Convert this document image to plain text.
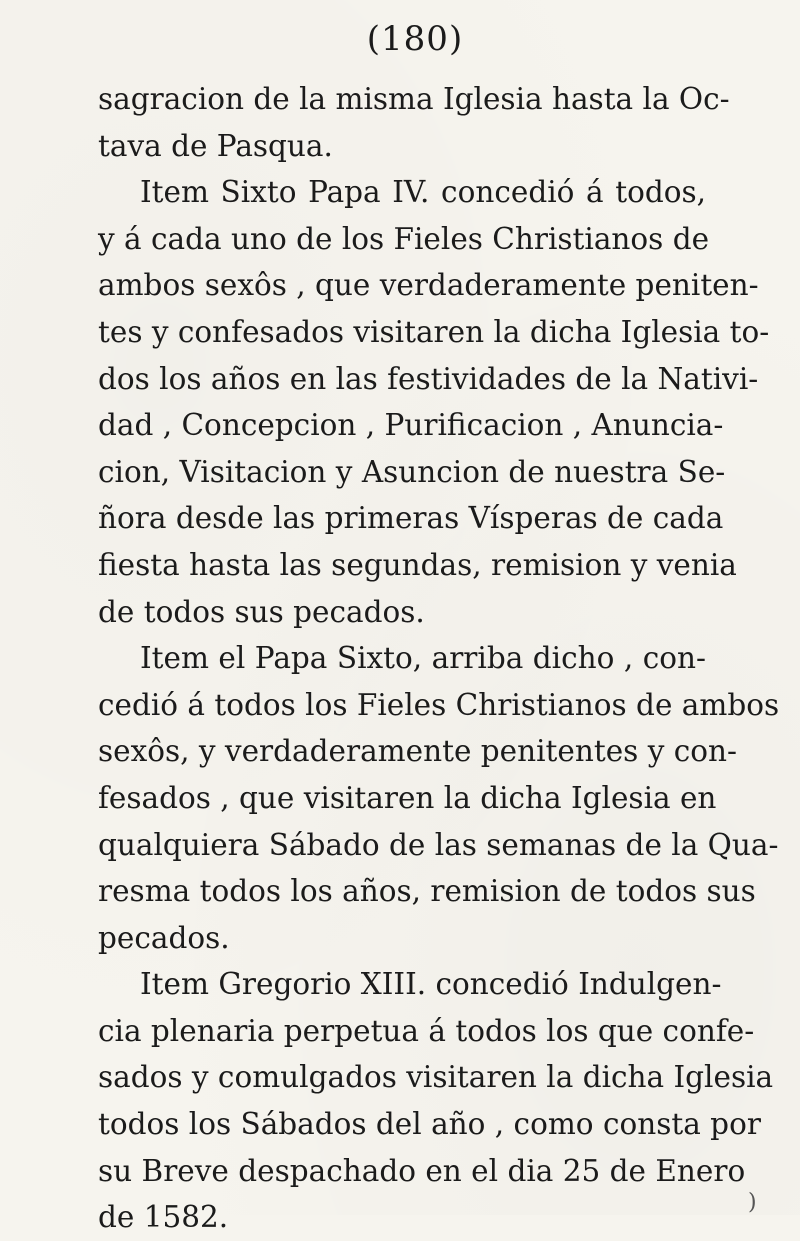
(180)
sagracion de la misma Iglesia hasta la Oc-
tava de Pasqua.
Item Sixto Papa IV. concedió á todos,
y á cada uno de los Fieles Christianos de
ambos sexôs , que verdaderamente peniten-
tes y confesados visitaren la dicha Iglesia to-
dos los años en las festividades de la Nativi-
dad , Concepcion , Purificacion , Anuncia-
cion, Visitacion y Asuncion de nuestra Se-
ñora desde las primeras Vísperas de cada
fiesta hasta las segundas, remision y venia
de todos sus pecados.
Item el Papa Sixto, arriba dicho , con-
cedió á todos los Fieles Christianos de ambos
sexôs, y verdaderamente penitentes y con-
fesados , que visitaren la dicha Iglesia en
qualquiera Sábado de las semanas de la Qua-
resma todos los años, remision de todos sus
pecados.
Item Gregorio XIII. concedió Indulgen-
cia plenaria perpetua á todos los que confe-
sados y comulgados visitaren la dicha Iglesia
todos los Sábados del año , como consta por
su Breve despachado en el dia 25 de Enero
de 1582.	)
